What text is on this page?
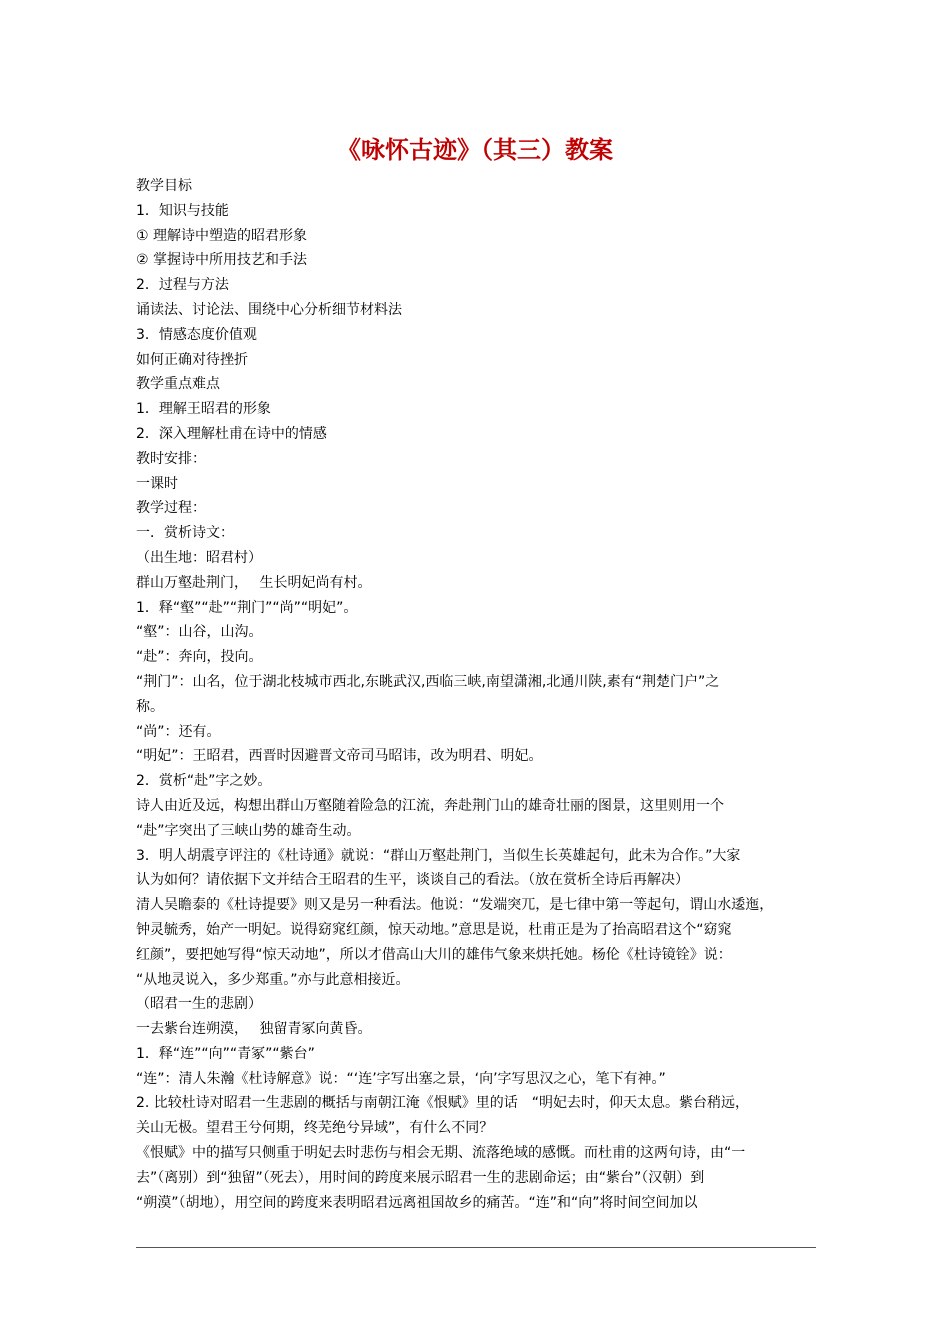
《咏怀古迹》（其三）教案
教学目标
1．知识与技能
① 理解诗中塑造的昭君形象
② 掌握诗中所用技艺和手法
2．过程与方法
诵读法、讨论法、围绕中心分析细节材料法
3．情感态度价值观
如何正确对待挫折
教学重点难点
1．理解王昭君的形象
2．深入理解杜甫在诗中的情感
教时安排：
一课时
教学过程：
一．赏析诗文：
（出生地：昭君村）
群山万壑赴荆门，　 生长明妃尚有村。
1．释“壑”“赴”“荆门”“尚”“明妃”。
“壑”：山谷，山沟。
“赴”：奔向，投向。
“荆门”：山名，位于湖北枝城市西北,东眺武汉,西临三峡,南望潇湘,北通川陕,素有“荆楚门户”之
称。
“尚”：还有。
“明妃”：王昭君，西晋时因避晋文帝司马昭讳，改为明君、明妃。
2．赏析“赴”字之妙。
诗人由近及远，构想出群山万壑随着险急的江流，奔赴荆门山的雄奇壮丽的图景，这里则用一个
“赴”字突出了三峡山势的雄奇生动。
3．明人胡震亨评注的《杜诗通》就说：“群山万壑赴荆门，当似生长英雄起句，此未为合作。”大家
认为如何？请依据下文并结合王昭君的生平，谈谈自己的看法。（放在赏析全诗后再解决）
清人吴瞻泰的《杜诗提要》则又是另一种看法。他说：“发端突兀，是七律中第一等起句，谓山水逶迤，
钟灵毓秀，始产一明妃。说得窈窕红颜，惊天动地。”意思是说，杜甫正是为了抬高昭君这个“窈窕
红颜”，要把她写得“惊天动地”，所以才借高山大川的雄伟气象来烘托她。杨伦《杜诗镜铨》说：
“从地灵说入，多少郑重。”亦与此意相接近。
（昭君一生的悲剧）
一去紫台连朔漠，　 独留青冢向黄昏。
1．释“连”“向”“青冢”“紫台”
“连”：清人朱瀚《杜诗解意》说：“‘连’字写出塞之景，‘向’字写思汉之心，笔下有神。”
2. 比较杜诗对昭君一生悲剧的概括与南朝江淹《恨赋》里的话　“明妃去时，仰天太息。紫台稍远，
关山无极。望君王兮何期，终芜绝兮异域”，有什么不同？
《恨赋》中的描写只侧重于明妃去时悲伤与相会无期、流落绝域的感慨。而杜甫的这两句诗，由“一
去”（离别）到“独留”（死去），用时间的跨度来展示昭君一生的悲剧命运；由“紫台”（汉朝）到
“朔漠”（胡地），用空间的跨度来表明昭君远离祖国故乡的痛苦。“连”和“向”将时间空间加以
